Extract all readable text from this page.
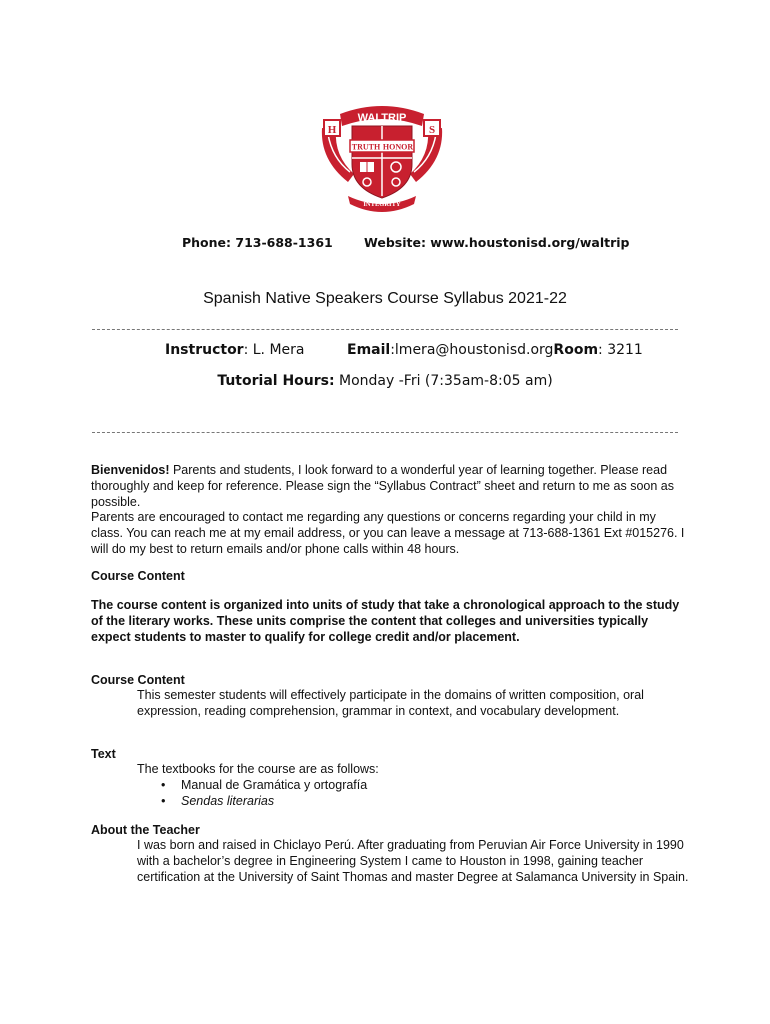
H	S
TRUTH HONOR
WALTRIP
INTEGRITY
Phone: 713-688-1361	Website: www.houstonisd.org/waltrip
Spanish Native Speakers Course Syllabus 2021-22
Instructor: L. Mera	Email:lmera@houstonisd.orgRoom: 3211
Tutorial Hours: Monday -Fri (7:35am-8:05 am)
Bienvenidos! Parents and students, I look forward to a wonderful year of learning together. Please read thoroughly and keep for reference. Please sign the “Syllabus Contract” sheet and return to me as soon as possible.
Parents are encouraged to contact me regarding any questions or concerns regarding your child in my class. You can reach me at my email address, or you can leave a message at 713-688-1361 Ext #015276. I will do my best to return emails and/or phone calls within 48 hours.
Course Content
The course content is organized into units of study that take a chronological approach to the study of the literary works. These units comprise the content that colleges and universities typically expect students to master to qualify for college credit and/or placement.
Course Content
This semester students will effectively participate in the domains of written composition, oral expression, reading comprehension, grammar in context, and vocabulary development.
Text
The textbooks for the course are as follows:
• Manual de Gramática y ortografía
• Sendas literarias
About the Teacher
I was born and raised in Chiclayo Perú. After graduating from Peruvian Air Force University in 1990 with a bachelor’s degree in Engineering System I came to Houston in 1998, gaining teacher certification at the University of Saint Thomas and master Degree at Salamanca University in Spain.
